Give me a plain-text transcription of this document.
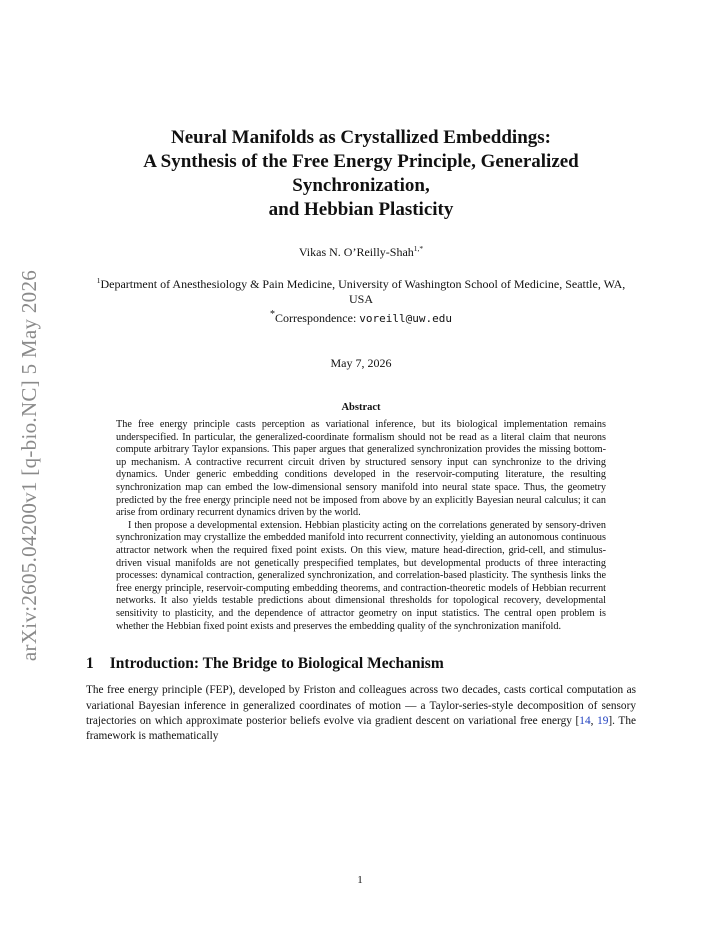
arXiv:2605.04200v1 [q-bio.NC] 5 May 2026
Neural Manifolds as Crystallized Embeddings:
A Synthesis of the Free Energy Principle, Generalized
Synchronization,
and Hebbian Plasticity
Vikas N. O’Reilly-Shah$^{1,*}$
$^1$Department of Anesthesiology & Pain Medicine, University of Washington School of Medicine, Seattle, WA, USA
*Correspondence: voreill@uw.edu
May 7, 2026
Abstract

The free energy principle casts perception as variational inference, but its biological implementation remains underspecified. In particular, the generalized-coordinate formalism should not be read as a literal claim that neurons compute arbitrary Taylor expansions. This paper argues that generalized synchronization provides the missing bottom-up mechanism. A contractive recurrent circuit driven by structured sensory input can synchronize to the driving dynamics. Under generic embedding conditions developed in the reservoir-computing literature, the resulting synchronization map can embed the low-dimensional sensory manifold into neural state space. Thus, the geometry predicted by the free energy principle need not be imposed from above by an explicitly Bayesian neural calculus; it can arise from ordinary recurrent dynamics driven by the world.

I then propose a developmental extension. Hebbian plasticity acting on the correlations generated by sensory-driven synchronization may crystallize the embedded manifold into recurrent connectivity, yielding an autonomous continuous attractor network when the required fixed point exists. On this view, mature head-direction, grid-cell, and stimulus-driven visual manifolds are not genetically prespecified templates, but developmental products of three interacting processes: dynamical contraction, generalized synchronization, and correlation-based plasticity. The synthesis links the free energy principle, reservoir-computing embedding theorems, and contraction-theoretic models of Hebbian recurrent networks. It also yields testable predictions about dimensional thresholds for topological recovery, developmental sensitivity to plasticity, and the dependence of attractor geometry on input statistics. The central open problem is whether the Hebbian fixed point exists and preserves the embedding quality of the synchronization manifold.

1 Introduction: The Bridge to Biological Mechanism
The free energy principle (FEP), developed by Friston and colleagues across two decades, casts cortical computation as variational Bayesian inference in generalized coordinates of motion — a Taylor-series-style decomposition of sensory trajectories on which approximate posterior beliefs evolve via gradient descent on variational free energy [14, 19]. The framework is mathematically
1
